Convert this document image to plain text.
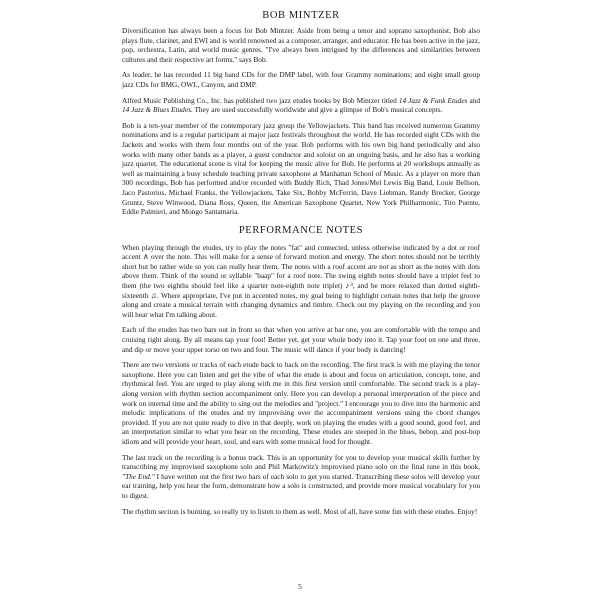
BOB MINTZER

Diversification has always been a focus for Bob Mintzer. Aside from being a tenor and soprano saxophonist, Bob also plays flute, clarinet, and EWI and is world renowned as a composer, arranger, and educator. He has been active in the jazz, pop, orchestra, Latin, and world music genres. "I've always been intrigued by the differences and similarities between cultures and their respective art forms," says Bob.

As leader, he has recorded 11 big band CDs for the DMP label, with four Grammy nominations; and eight small group jazz CDs for BMG, OWL, Canyon, and DMP.

Alfred Music Publishing Co., Inc. has published two jazz etudes books by Bob Mintzer titled 14 Jazz & Funk Etudes and 14 Jazz & Blues Etudes. They are used successfully worldwide and give a glimpse of Bob's musical concepts.

Bob is a ten-year member of the contemporary jazz group the Yellowjackets. This band has received numerous Grammy nominations and is a regular participant at major jazz festivals throughout the world. He has recorded eight CDs with the Jackets and works with them four months out of the year. Bob performs with his own big band periodically and also works with many other bands as a player, a guest conductor and soloist on an ongoing basis, and he also has a working jazz quartet. The educational scene is vital for keeping the music alive for Bob. He performs at 20 workshops annually as well as maintaining a busy schedule teaching private saxophone at Manhattan School of Music. As a player on more than 300 recordings, Bob has performed and/or recorded with Buddy Rich, Thad Jones/Mel Lewis Big Band, Louie Bellson, Jaco Pastorius, Michael Franks, the Yellowjackets, Take Six, Bobby McFerrin, Dave Liebman, Randy Brecker, George Gruntz, Steve Winwood, Diana Ross, Queen, the American Saxophone Quartet, New York Philharmonic, Tito Puente, Eddie Palmieri, and Mongo Santamaria.

PERFORMANCE NOTES

When playing through the etudes, try to play the notes "fat" and connected, unless otherwise indicated by a dot or roof accent ∧ over the note. This will make for a sense of forward motion and energy. The short notes should not be terribly short but be rather wide so you can really hear them. The notes with a roof accent are not as short as the notes with dots above them. Think of the sound or syllable "baap" for a roof note. The swing eighth notes should have a triplet feel to them (the two eighths should feel like a quarter note-eighth note triplet) ♪³, and be more relaxed than dotted eighth-sixteenth ♫. Where appropriate, I've put in accented notes, my goal being to highlight certain notes that help the groove along and create a musical terrain with changing dynamics and timbre. Check out my playing on the recording and you will hear what I'm talking about.

Each of the etudes has two bars out in front so that when you arrive at bar one, you are comfortable with the tempo and cruising right along. By all means tap your foot! Better yet, get your whole body into it. Tap your foot on one and three, and dip or move your upper torso on two and four. The music will dance if your body is dancing!

There are two versions or tracks of each etude back to back on the recording. The first track is with me playing the tenor saxophone. Here you can listen and get the vibe of what the etude is about and focus on articulation, concept, tone, and rhythmical feel. You are urged to play along with me in this first version until comfortable. The second track is a play-along version with rhythm section accompaniment only. Here you can develop a personal interpretation of the piece and work on internal time and the ability to sing out the melodies and "project." I encourage you to dive into the harmonic and melodic implications of the etudes and try improvising over the accompaniment versions using the chord changes provided. If you are not quite ready to dive in that deeply, work on playing the etudes with a good sound, good feel, and an interpretation similar to what you hear on the recording. These etudes are steeped in the blues, bebop, and post-bop idiom and will provide your heart, soul, and ears with some musical food for thought.

The last track on the recording is a bonus track. This is an opportunity for you to develop your musical skills further by transcribing my improvised saxophone solo and Phil Markowitz's improvised piano solo on the final tune in this book, "The End." I have written out the first two bars of each solo to get you started. Transcribing these solos will develop your ear training, help you hear the form, demonstrate how a solo is constructed, and provide more musical vocabulary for you to digest.

The rhythm section is burning, so really try to listen to them as well. Most of all, have some fun with these etudes. Enjoy!

5
